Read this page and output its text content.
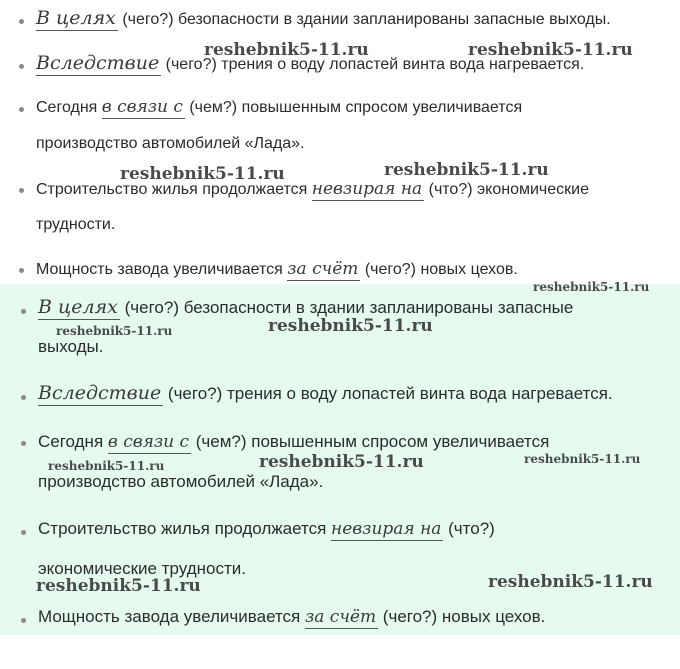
В целях (чего?) безопасности в здании запланированы запасные выходы.
Вследствие (чего?) трения о воду лопастей винта вода нагревается.
Сегодня в связи с (чем?) повышенным спросом увеличивается
производство автомобилей «Лада».
Строительство жилья продолжается невзирая на (что?) экономические
трудности.
Мощность завода увеличивается за счёт (чего?) новых цехов.
В целях (чего?) безопасности в здании запланированы запасные
выходы.
Вследствие (чего?) трения о воду лопастей винта вода нагревается.
Сегодня в связи с (чем?) повышенным спросом увеличивается
производство автомобилей «Лада».
Строительство жилья продолжается невзирая на (что?)
экономические трудности.
Мощность завода увеличивается за счёт (чего?) новых цехов.
reshebnik5-11.ru	reshebnik5-11.ru
reshebnik5-11.ru	reshebnik5-11.ru
reshebnik5-11.ru
reshebnik5-11.ru	reshebnik5-11.ru
reshebnik5-11.ru	reshebnik5-11.ru	reshebnik5-11.ru
reshebnik5-11.ru	reshebnik5-11.ru
